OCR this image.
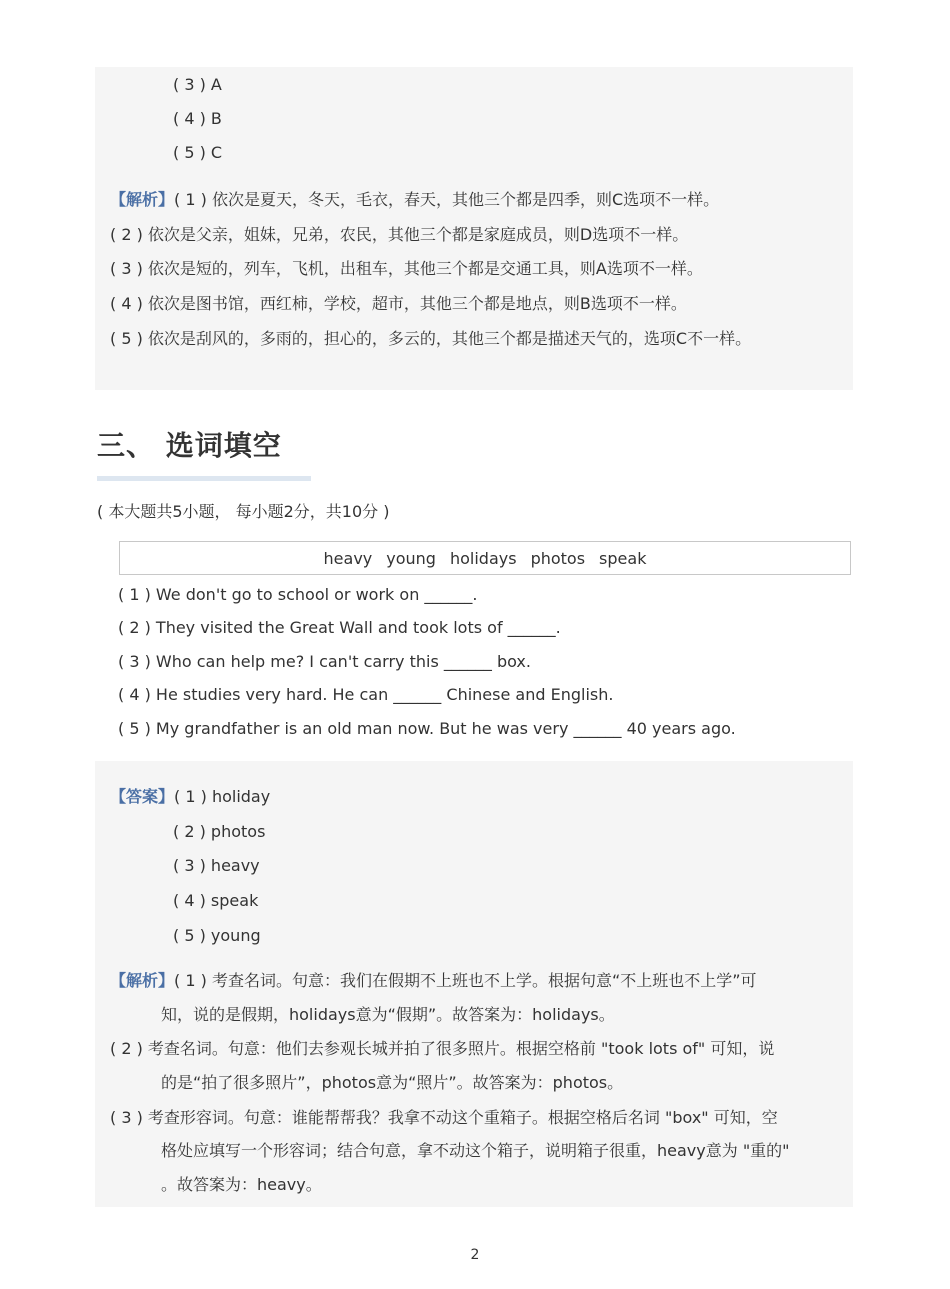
( 3 ) A
( 4 ) B
( 5 ) C
【解析】( 1 ) 依次是夏天，冬天，毛衣，春天，其他三个都是四季，则C选项不一样。
( 2 ) 依次是父亲，姐妹，兄弟，农民，其他三个都是家庭成员，则D选项不一样。
( 3 ) 依次是短的，列车，飞机，出租车，其他三个都是交通工具，则A选项不一样。
( 4 ) 依次是图书馆，西红柿，学校，超市，其他三个都是地点，则B选项不一样。
( 5 ) 依次是刮风的，多雨的，担心的，多云的，其他三个都是描述天气的，选项C不一样。
三、 选词填空
( 本大题共5小题， 每小题2分，共10分 )
heavy young holidays photos speak
( 1 ) We don't go to school or work on ______.
( 2 ) They visited the Great Wall and took lots of ______.
( 3 ) Who can help me? I can't carry this ______ box.
( 4 ) He studies very hard. He can ______ Chinese and English.
( 5 ) My grandfather is an old man now. But he was very ______ 40 years ago.
【答案】( 1 ) holiday
( 2 ) photos
( 3 ) heavy
( 4 ) speak
( 5 ) young
【解析】( 1 ) 考查名词。句意：我们在假期不上班也不上学。根据句意“不上班也不上学”可
知，说的是假期，holidays意为“假期”。故答案为：holidays。
( 2 ) 考查名词。句意：他们去参观长城并拍了很多照片。根据空格前 "took lots of" 可知，说
的是“拍了很多照片”，photos意为“照片”。故答案为：photos。
( 3 ) 考查形容词。句意：谁能帮帮我？我拿不动这个重箱子。根据空格后名词 "box" 可知，空
格处应填写一个形容词；结合句意，拿不动这个箱子，说明箱子很重，heavy意为 "重的"
。故答案为：heavy。
2
